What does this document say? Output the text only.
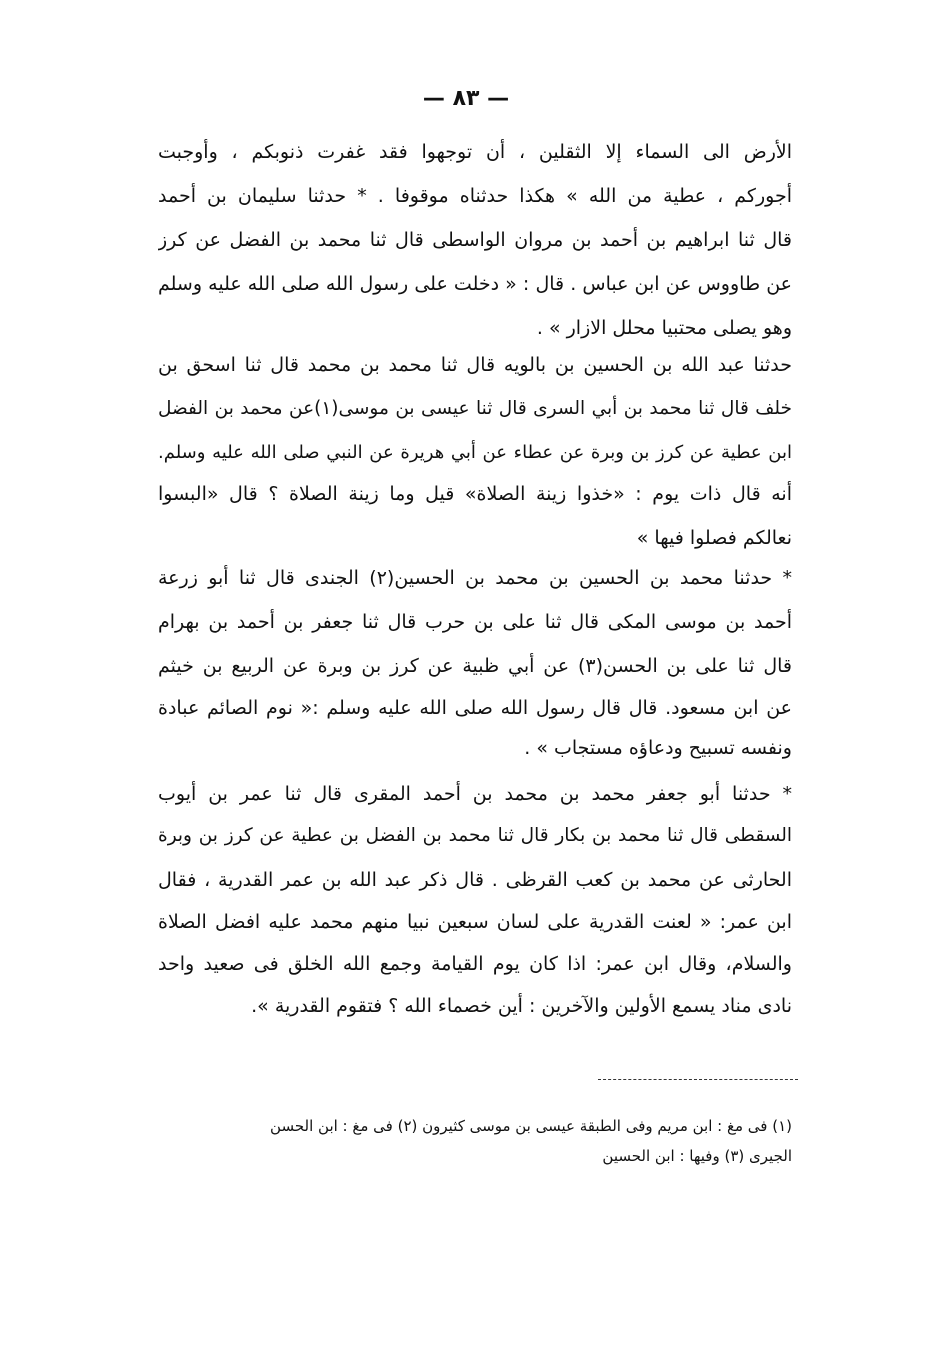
— ٨٣ —
الأرض الى السماء إلا الثقلين ، أن توجهوا فقد غفرت ذنوبكم ، وأوجبت
أجوركم ، عطية من الله » هكذا حدثناه موقوفا . * حدثنا سليمان بن أحمد
قال ثنا ابراهيم بن أحمد بن مروان الواسطى قال ثنا محمد بن الفضل عن كرز
عن طاووس عن ابن عباس . قال : « دخلت على رسول الله صلى الله عليه وسلم
وهو يصلى محتبيا محلل الازار » .
حدثنا عبد الله بن الحسين بن بالويه قال ثنا محمد بن محمد قال ثنا اسحق بن
خلف قال ثنا محمد بن أبي السرى قال ثنا عيسى بن موسى(١)عن محمد بن الفضل
ابن عطية عن كرز بن وبرة عن عطاء عن أبي هريرة عن النبي صلى الله عليه وسلم.
أنه قال ذات يوم : «خذوا زينة الصلاة» قيل وما زينة الصلاة ؟ قال «البسوا
نعالكم فصلوا فيها »
* حدثنا محمد بن الحسين بن محمد بن الحسين(٢) الجندى قال ثنا أبو زرعة
أحمد بن موسى المكى قال ثنا على بن حرب قال ثنا جعفر بن أحمد بن بهرام
قال ثنا على بن الحسن(٣) عن أبي ظبية عن كرز بن وبرة عن الربيع بن خيثم
عن ابن مسعود. قال قال رسول الله صلى الله عليه وسلم :« نوم الصائم عبادة
ونفسه تسبيح ودعاؤه مستجاب » .
* حدثنا أبو جعفر محمد بن محمد بن أحمد المقرى قال ثنا عمر بن أيوب
السقطى قال ثنا محمد بن بكار قال ثنا محمد بن الفضل بن عطية عن كرز بن وبرة
الحارثى عن محمد بن كعب القرظى . قال ذكر عبد الله بن عمر القدرية ، فقال
ابن عمر: « لعنت القدرية على لسان سبعين نبيا منهم محمد عليه افضل الصلاة
والسلام، وقال ابن عمر: اذا كان يوم القيامة وجمع الله الخلق فى صعيد واحد
نادى مناد يسمع الأولين والآخرين : أين خصماء الله ؟ فتقوم القدرية ».
(١) فى مغ : ابن مريم وفى الطبقة عيسى بن موسى كثيرون (٢) فى مغ : ابن الحسن
الجيرى (٣) وفيها : ابن الحسين
